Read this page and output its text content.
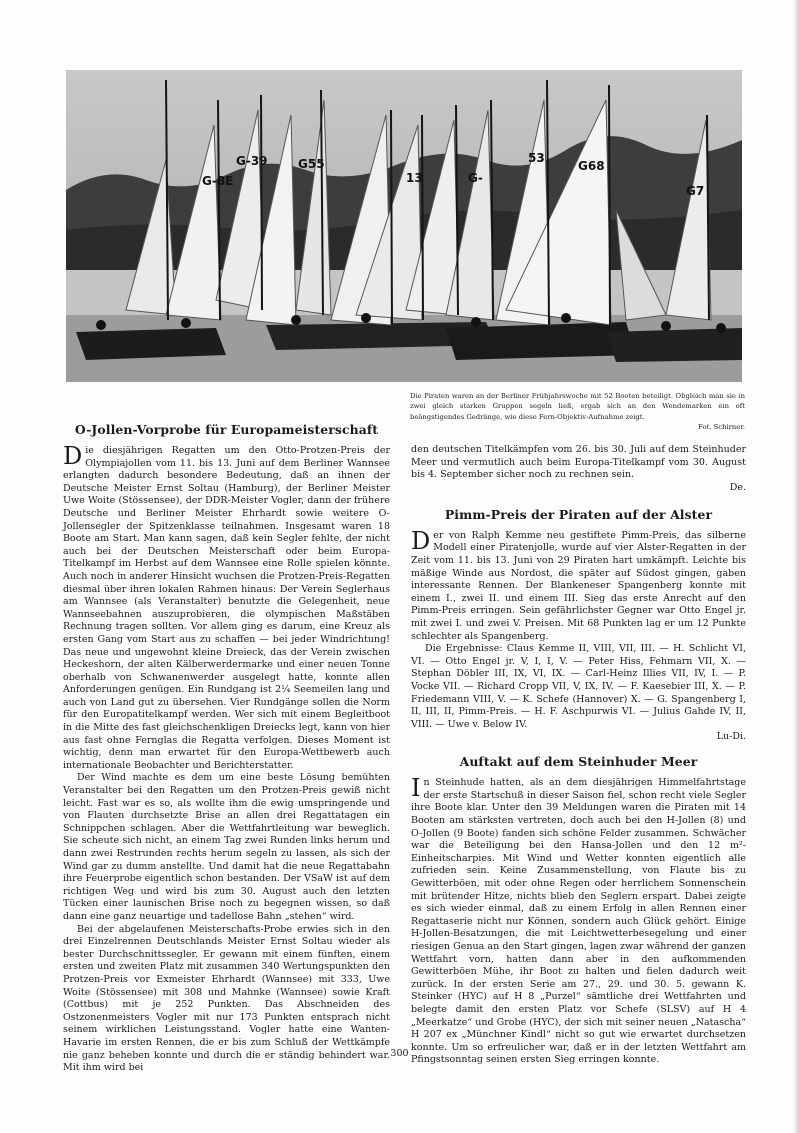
G-8E
G-39	G55
13	G-
53
G68
G7
Die Piraten waren an der Berliner Frühjahrswoche mit 52 Booten beteiligt. Obgleich man sie in zwei gleich starken Gruppen segeln ließ, ergab sich an den Wendemarken ein oft beängstigendes Gedränge, wie diese Fern-Objektiv-Aufnahme zeigt.
Fot. Schirner.
O-Jollen-Vorprobe für Europameisterschaft

Die diesjährigen Regatten um den Otto-Protzen-Preis der Olympiajollen vom 11. bis 13. Juni auf dem Berliner Wannsee erlangten dadurch besondere Bedeutung, daß an ihnen der Deutsche Meister Ernst Soltau (Hamburg), der Berliner Meister Uwe Woite (Stössensee), der DDR-Meister Vogler, dann der frühere Deutsche und Berliner Meister Ehrhardt sowie weitere O-Jollensegler der Spitzenklasse teilnahmen. Insgesamt waren 18 Boote am Start. Man kann sagen, daß kein Segler fehlte, der nicht auch bei der Deutschen Meisterschaft oder beim Europa-Titelkampf im Herbst auf dem Wannsee eine Rolle spielen könnte. Auch noch in anderer Hinsicht wuchsen die Protzen-Preis-Regatten diesmal über ihren lokalen Rahmen hinaus: Der Verein Seglerhaus am Wannsee (als Veranstalter) benutzte die Gelegenheit, neue Wannseebahnen auszuprobieren, die olympischen Maßstäben Rechnung tragen sollten. Vor allem ging es darum, eine Kreuz als ersten Gang vom Start aus zu schaffen — bei jeder Windrichtung! Das neue und ungewohnt kleine Dreieck, das der Verein zwischen Heckeshorn, der alten Kälberwerdermarke und einer neuen Tonne oberhalb von Schwanenwerder ausgelegt hatte, konnte allen Anforderungen genügen. Ein Rundgang ist 2¼ Seemeilen lang und auch von Land gut zu übersehen. Vier Rundgänge sollen die Norm für den Europatitelkampf werden. Wer sich mit einem Begleitboot in die Mitte des fast gleichschenkligen Dreiecks legt, kann von hier aus fast ohne Fernglas die Regatta verfolgen. Dieses Moment ist wichtig, denn man erwartet für den Europa-Wettbewerb auch internationale Beobachter und Berichterstatter.

Der Wind machte es dem um eine beste Lösung bemühten Veranstalter bei den Regatten um den Protzen-Preis gewiß nicht leicht. Fast war es so, als wollte ihm die ewig umspringende und von Flauten durchsetzte Brise an allen drei Regattatagen ein Schnippchen schlagen. Aber die Wettfahrtleitung war beweglich. Sie scheute sich nicht, an einem Tag zwei Runden links herum und dann zwei Restrunden rechts herum segeln zu lassen, als sich der Wind gar zu dumm anstellte. Und damit hat die neue Regattabahn ihre Feuerprobe eigentlich schon bestanden. Der VSaW ist auf dem richtigen Weg und wird bis zum 30. August auch den letzten Tücken einer launischen Brise noch zu begegnen wissen, so daß dann eine ganz neuartige und tadellose Bahn „stehen“ wird.

Bei der abgelaufenen Meisterschafts-Probe erwies sich in den drei Einzelrennen Deutschlands Meister Ernst Soltau wieder als bester Durchschnittssegler. Er gewann mit einem fünften, einem ersten und zweiten Platz mit zusammen 340 Wertungspunkten den Protzen-Preis vor Exmeister Ehrhardt (Wannsee) mit 333, Uwe Woite (Stössensee) mit 308 und Mahnke (Wannsee) sowie Kraft (Cottbus) mit je 252 Punkten. Das Abschneiden des Ostzonenmeisters Vogler mit nur 173 Punkten entsprach nicht seinem wirklichen Leistungsstand. Vogler hatte eine Wanten-Havarie im ersten Rennen, die er bis zum Schluß der Wettkämpfe nie ganz beheben konnte und durch die er ständig behindert war. Mit ihm wird bei

den deutschen Titelkämpfen vom 26. bis 30. Juli auf dem Steinhuder Meer und vermutlich auch beim Europa-Titelkampf vom 30. August bis 4. September sicher noch zu rechnen sein.

De.
Pimm-Preis der Piraten auf der Alster

Der von Ralph Kemme neu gestiftete Pimm-Preis, das silberne Modell einer Piratenjolle, wurde auf vier Alster-Regatten in der Zeit vom 11. bis 13. Juni von 29 Piraten hart umkämpft. Leichte bis mäßige Winde aus Nordost, die später auf Südost gingen, gaben interessante Rennen. Der Blankeneser Spangenberg konnte mit einem I., zwei II. und einem III. Sieg das erste Anrecht auf den Pimm-Preis erringen. Sein gefährlichster Gegner war Otto Engel jr. mit zwei I. und zwei V. Preisen. Mit 68 Punkten lag er um 12 Punkte schlechter als Spangenberg.

Die Ergebnisse: Claus Kemme II, VIII, VII, III. — H. Schlicht VI, VI. — Otto Engel jr. V, I, I, V. — Peter Hiss, Fehmarn VII, X. — Stephan Döbler III, IX, VI, IX. — Carl-Heinz Illies VII, IV, I. — P. Vocke VII. — Richard Cropp VII, V, IX, IV. — F. Kaesebier III, X. — P. Friedemann VIII, V. — K. Schefe (Hannover) X. — G. Spangenberg I, II, III, II, Pimm-Preis. — H. F. Aschpurwis VI. — Julius Gahde IV, II, VIII. — Uwe v. Below IV.

Lu-Di.
Auftakt auf dem Steinhuder Meer

In Steinhude hatten, als an dem diesjährigen Himmelfahrtstage der erste Startschuß in dieser Saison fiel, schon recht viele Segler ihre Boote klar. Unter den 39 Meldungen waren die Piraten mit 14 Booten am stärksten vertreten, doch auch bei den H-Jollen (8) und O-Jollen (9 Boote) fanden sich schöne Felder zusammen. Schwächer war die Beteiligung bei den Hansa-Jollen und den 12 m²-Einheitscharpies. Mit Wind und Wetter konnten eigentlich alle zufrieden sein. Keine Zusammenstellung, von Flaute bis zu Gewitterböen, mit oder ohne Regen oder herrlichem Sonnenschein mit brütender Hitze, nichts blieb den Seglern erspart. Dabei zeigte es sich wieder einmal, daß zu einem Erfolg in allen Rennen einer Regattaserie nicht nur Können, sondern auch Glück gehört. Einige H-Jollen-Besatzungen, die mit Leichtwetterbesegelung und einer riesigen Genua an den Start gingen, lagen zwar während der ganzen Wettfahrt vorn, hatten dann aber in den aufkommenden Gewitterböen Mühe, ihr Boot zu halten und fielen dadurch weit zurück. In der ersten Serie am 27., 29. und 30. 5. gewann K. Steinker (HYC) auf H 8 „Purzel“ sämtliche drei Wettfahrten und belegte damit den ersten Platz vor Schefe (SLSV) auf H 4 „Meerkatze“ und Grobe (HYC), der sich mit seiner neuen „Natascha“ H 207 ex „Münchner Kindl“ nicht so gut wie erwartet durchsetzen konnte. Um so erfreulicher war, daß er in der letzten Wettfahrt am Pfingstsonntag seinen ersten Sieg erringen konnte.

300
